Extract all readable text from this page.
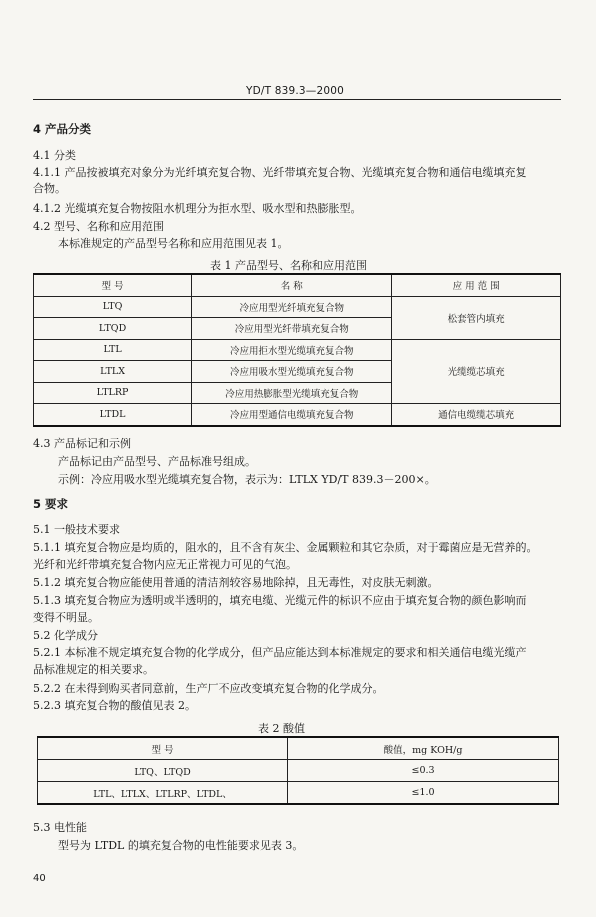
YD/T 839.3—2000
4 产品分类
4.1 分类
4.1.1 产品按被填充对象分为光纤填充复合物、光纤带填充复合物、光缆填充复合物和通信电缆填充复
合物。
4.1.2 光缆填充复合物按阻水机理分为拒水型、吸水型和热膨胀型。
4.2 型号、名称和应用范围
本标准规定的产品型号名称和应用范围见表 1。
表 1 产品型号、名称和应用范围
型 号	名 称	应 用 范 围
LTQ	冷应用型光纤填充复合物	松套管内填充
LTQD	冷应用型光纤带填充复合物	
LTL	冷应用拒水型光缆填充复合物	光缆缆芯填充
LTLX	冷应用吸水型光缆填充复合物	
LTLRP	冷应用热膨胀型光缆填充复合物	
LTDL	冷应用型通信电缆填充复合物	通信电缆缆芯填充
4.3 产品标记和示例
产品标记由产品型号、产品标准号组成。
示例：冷应用吸水型光缆填充复合物，表示为：LTLX YD/T 839.3－200×。
5 要求
5.1 一般技术要求
5.1.1 填充复合物应是均质的，阻水的，且不含有灰尘、金属颗粒和其它杂质，对于霉菌应是无营养的。
光纤和光纤带填充复合物内应无正常视力可见的气泡。
5.1.2 填充复合物应能使用普通的清洁剂较容易地除掉，且无毒性，对皮肤无刺激。
5.1.3 填充复合物应为透明或半透明的，填充电缆、光缆元件的标识不应由于填充复合物的颜色影响而
变得不明显。
5.2 化学成分
5.2.1 本标准不规定填充复合物的化学成分，但产品应能达到本标准规定的要求和相关通信电缆光缆产
品标准规定的相关要求。
5.2.2 在未得到购买者同意前，生产厂不应改变填充复合物的化学成分。
5.2.3 填充复合物的酸值见表 2。
表 2 酸值
型 号	酸值，mg KOH/g
LTQ、LTQD	≤0.3
LTL、LTLX、LTLRP、LTDL、	≤1.0
5.3 电性能
型号为 LTDL 的填充复合物的电性能要求见表 3。
40
